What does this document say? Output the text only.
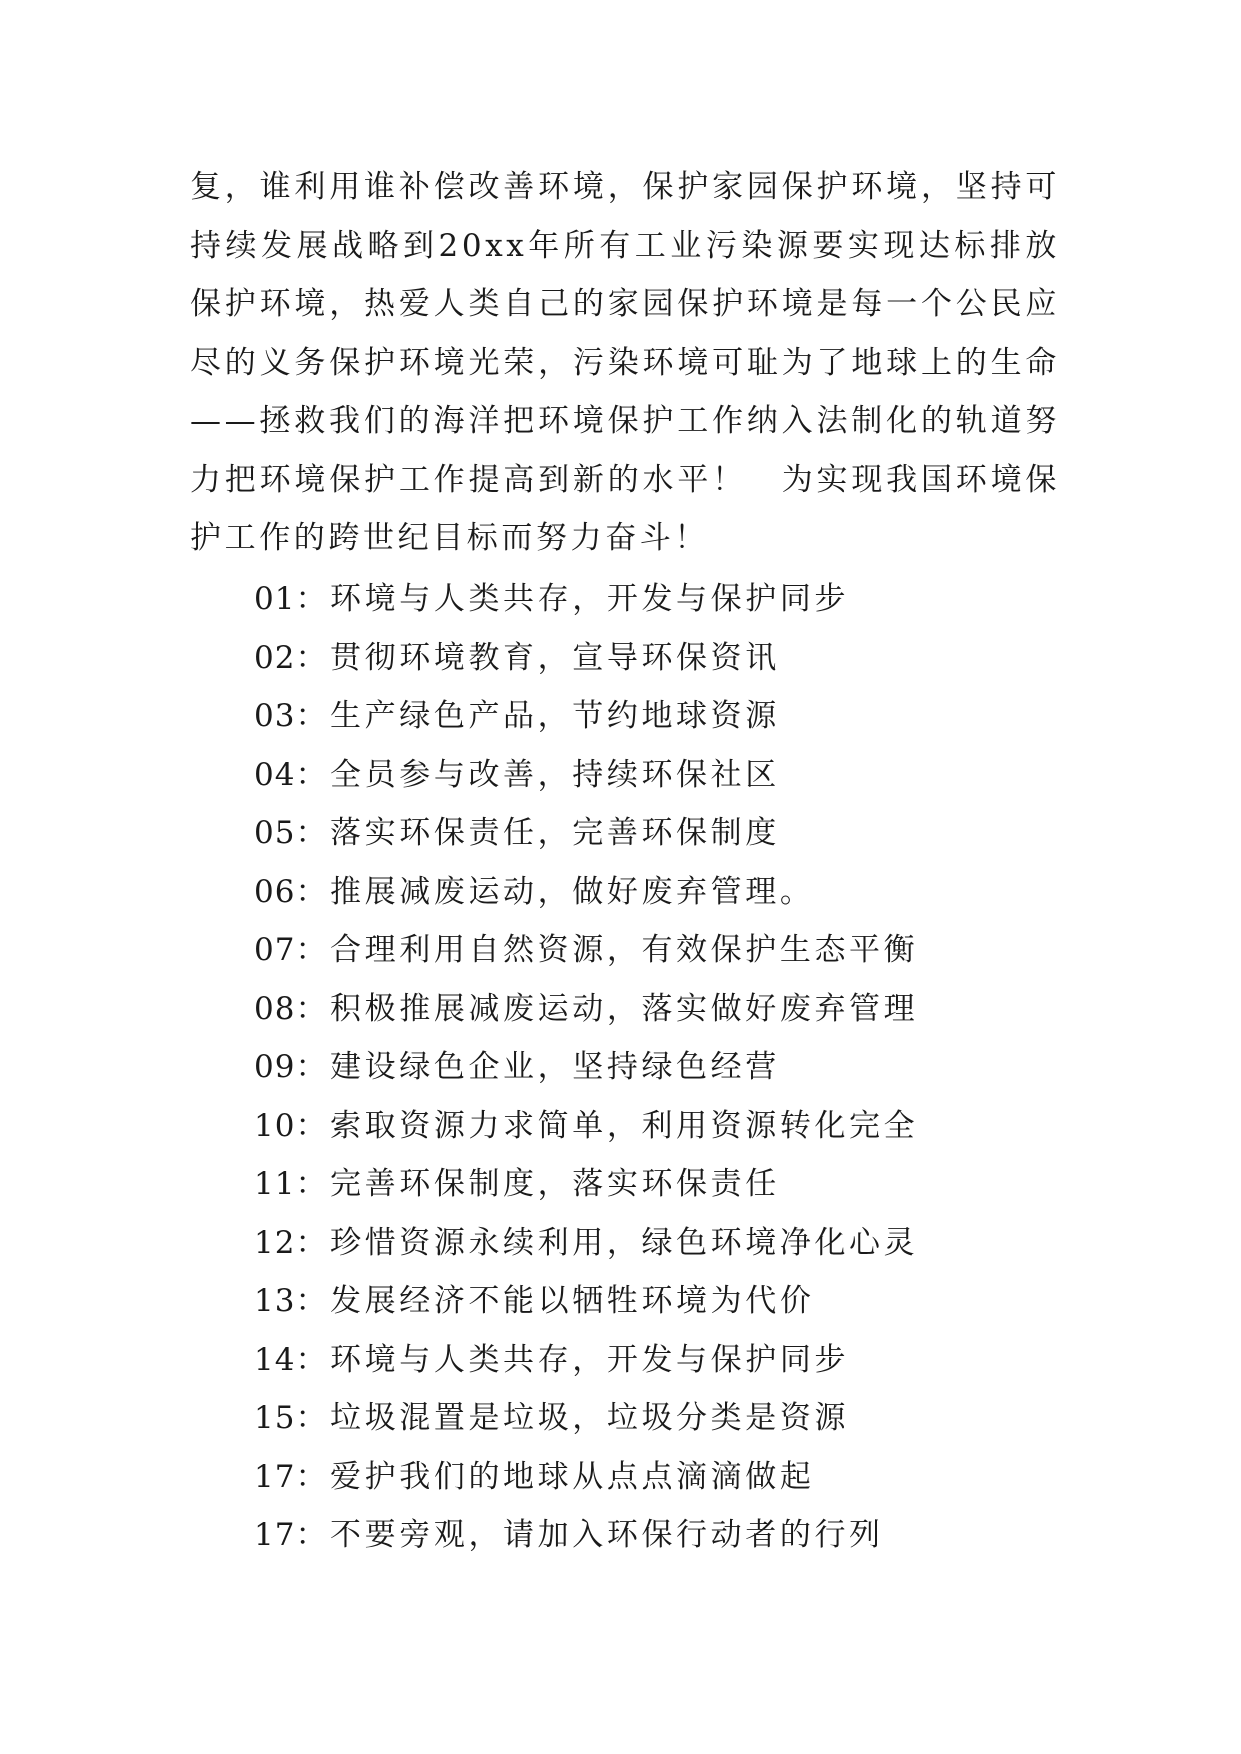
复，谁利用谁补偿改善环境，保护家园保护环境，坚持可持续发展战略到20xx年所有工业污染源要实现达标排放保护环境，热爱人类自己的家园保护环境是每一个公民应尽的义务保护环境光荣，污染环境可耻为了地球上的生命——拯救我们的海洋把环境保护工作纳入法制化的轨道努力把环境保护工作提高到新的水平！　为实现我国环境保护工作的跨世纪目标而努力奋斗！

01：环境与人类共存，开发与保护同步
02：贯彻环境教育，宣导环保资讯
03：生产绿色产品，节约地球资源
04：全员参与改善，持续环保社区
05：落实环保责任，完善环保制度
06：推展减废运动，做好废弃管理。
07：合理利用自然资源，有效保护生态平衡
08：积极推展减废运动，落实做好废弃管理
09：建设绿色企业，坚持绿色经营
10：索取资源力求简单，利用资源转化完全
11：完善环保制度，落实环保责任
12：珍惜资源永续利用，绿色环境净化心灵
13：发展经济不能以牺牲环境为代价
14：环境与人类共存，开发与保护同步
15：垃圾混置是垃圾，垃圾分类是资源
17：爱护我们的地球从点点滴滴做起
17：不要旁观，请加入环保行动者的行列
